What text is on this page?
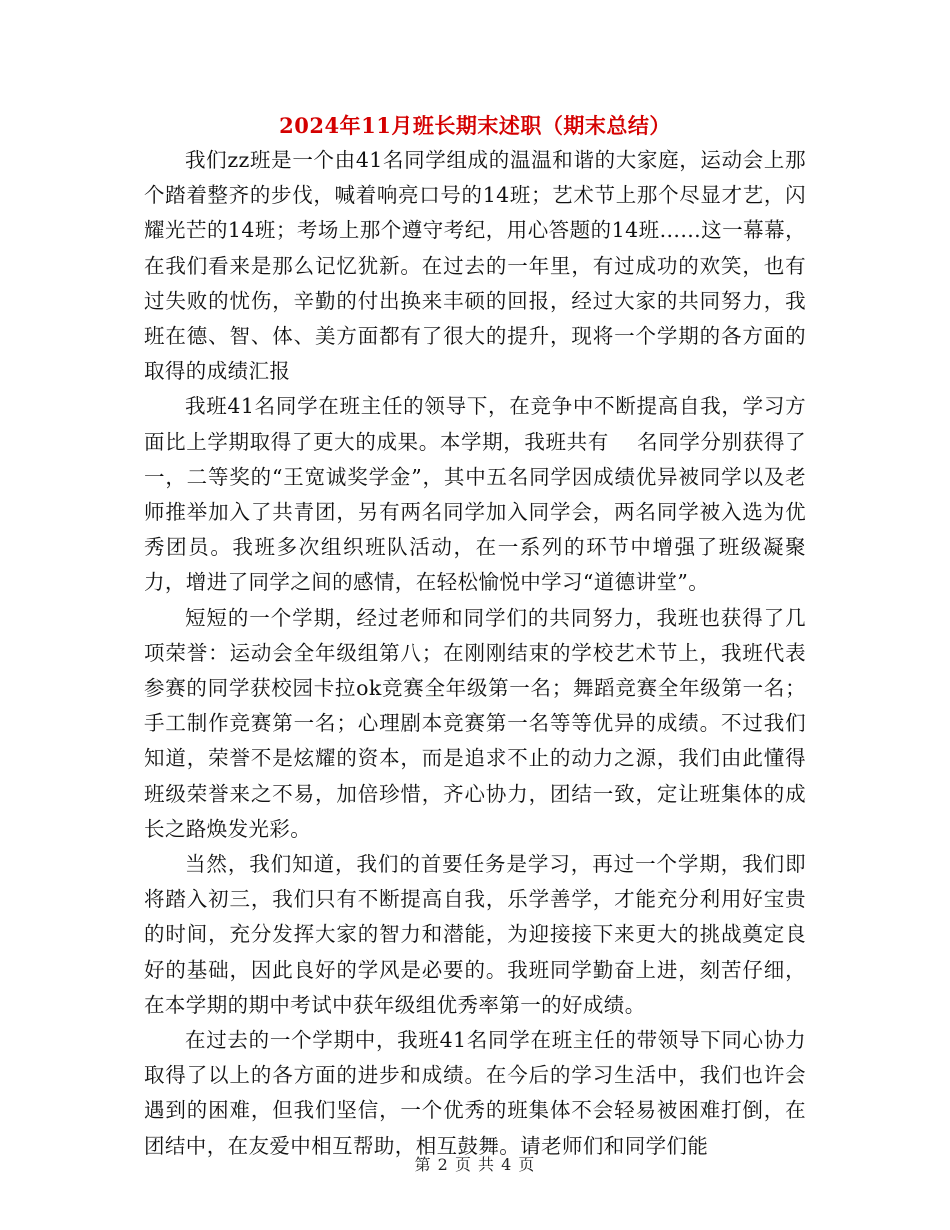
2024年11月班长期末述职（期末总结）

我们zz班是一个由41名同学组成的温温和谐的大家庭，运动会上那个踏着整齐的步伐，喊着响亮口号的14班；艺术节上那个尽显才艺，闪耀光芒的14班；考场上那个遵守考纪，用心答题的14班......这一幕幕，在我们看来是那么记忆犹新。在过去的一年里，有过成功的欢笑，也有过失败的忧伤，辛勤的付出换来丰硕的回报，经过大家的共同努力，我班在德、智、体、美方面都有了很大的提升，现将一个学期的各方面的取得的成绩汇报

我班41名同学在班主任的领导下，在竞争中不断提高自我，学习方面比上学期取得了更大的成果。本学期，我班共有　 名同学分别获得了一，二等奖的“王宽诚奖学金”，其中五名同学因成绩优异被同学以及老师推举加入了共青团，另有两名同学加入同学会，两名同学被入选为优秀团员。我班多次组织班队活动，在一系列的环节中增强了班级凝聚力，增进了同学之间的感情，在轻松愉悦中学习“道德讲堂”。

短短的一个学期，经过老师和同学们的共同努力，我班也获得了几项荣誉：运动会全年级组第八；在刚刚结束的学校艺术节上，我班代表参赛的同学获校园卡拉ok竞赛全年级第一名；舞蹈竞赛全年级第一名；手工制作竞赛第一名；心理剧本竞赛第一名等等优异的成绩。不过我们知道，荣誉不是炫耀的资本，而是追求不止的动力之源，我们由此懂得班级荣誉来之不易，加倍珍惜，齐心协力，团结一致，定让班集体的成长之路焕发光彩。

当然，我们知道，我们的首要任务是学习，再过一个学期，我们即将踏入初三，我们只有不断提高自我，乐学善学，才能充分利用好宝贵的时间，充分发挥大家的智力和潜能，为迎接接下来更大的挑战奠定良好的基础，因此良好的学风是必要的。我班同学勤奋上进，刻苦仔细，在本学期的期中考试中获年级组优秀率第一的好成绩。

在过去的一个学期中，我班41名同学在班主任的带领导下同心协力取得了以上的各方面的进步和成绩。在今后的学习生活中，我们也许会遇到的困难，但我们坚信，一个优秀的班集体不会轻易被困难打倒，在团结中，在友爱中相互帮助，相互鼓舞。请老师们和同学们能

第 2 页 共 4 页
